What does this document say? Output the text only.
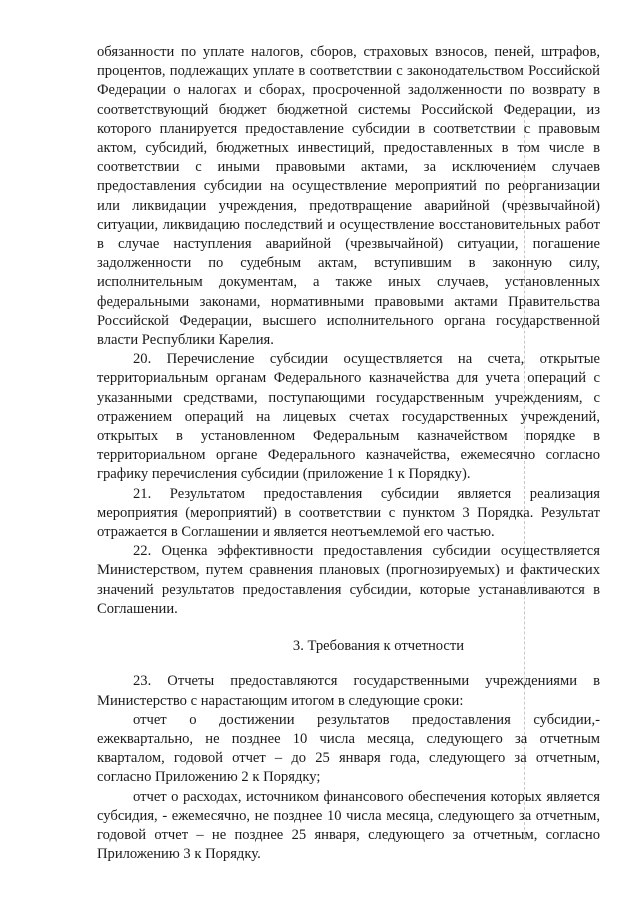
обязанности по уплате налогов, сборов, страховых взносов, пеней, штрафов, процентов, подлежащих уплате в соответствии с законодательством Российской Федерации о налогах и сборах, просроченной задолженности по возврату в соответствующий бюджет бюджетной системы Российской Федерации, из которого планируется предоставление субсидии в соответствии с правовым актом, субсидий, бюджетных инвестиций, предоставленных в том числе в соответствии с иными правовыми актами, за исключением случаев предоставления субсидии на осуществление мероприятий по реорганизации или ликвидации учреждения, предотвращение аварийной (чрезвычайной) ситуации, ликвидацию последствий и осуществление восстановительных работ в случае наступления аварийной (чрезвычайной) ситуации, погашение задолженности по судебным актам, вступившим в законную силу, исполнительным документам, а также иных случаев, установленных федеральными законами, нормативными правовыми актами Правительства Российской Федерации, высшего исполнительного органа государственной власти Республики Карелия.

20. Перечисление субсидии осуществляется на счета, открытые территориальным органам Федерального казначейства для учета операций с указанными средствами, поступающими государственным учреждениям, с отражением операций на лицевых счетах государственных учреждений, открытых в установленном Федеральным казначейством порядке в территориальном органе Федерального казначейства, ежемесячно согласно графику перечисления субсидии (приложение 1 к Порядку).

21. Результатом предоставления субсидии является реализация мероприятия (мероприятий) в соответствии с пунктом 3 Порядка. Результат отражается в Соглашении и является неотъемлемой его частью.

22. Оценка эффективности предоставления субсидии осуществляется Министерством, путем сравнения плановых (прогнозируемых) и фактических значений результатов предоставления субсидии, которые устанавливаются в Соглашении.

3. Требования к отчетности

23. Отчеты предоставляются государственными учреждениями в Министерство с нарастающим итогом в следующие сроки:

отчет о достижении результатов предоставления субсидии,- ежеквартально, не позднее 10 числа месяца, следующего за отчетным кварталом, годовой отчет – до 25 января года, следующего за отчетным, согласно Приложению 2 к Порядку;

отчет о расходах, источником финансового обеспечения которых является субсидия, - ежемесячно, не позднее 10 числа месяца, следующего за отчетным, годовой отчет – не позднее 25 января, следующего за отчетным, согласно Приложению 3 к Порядку.
